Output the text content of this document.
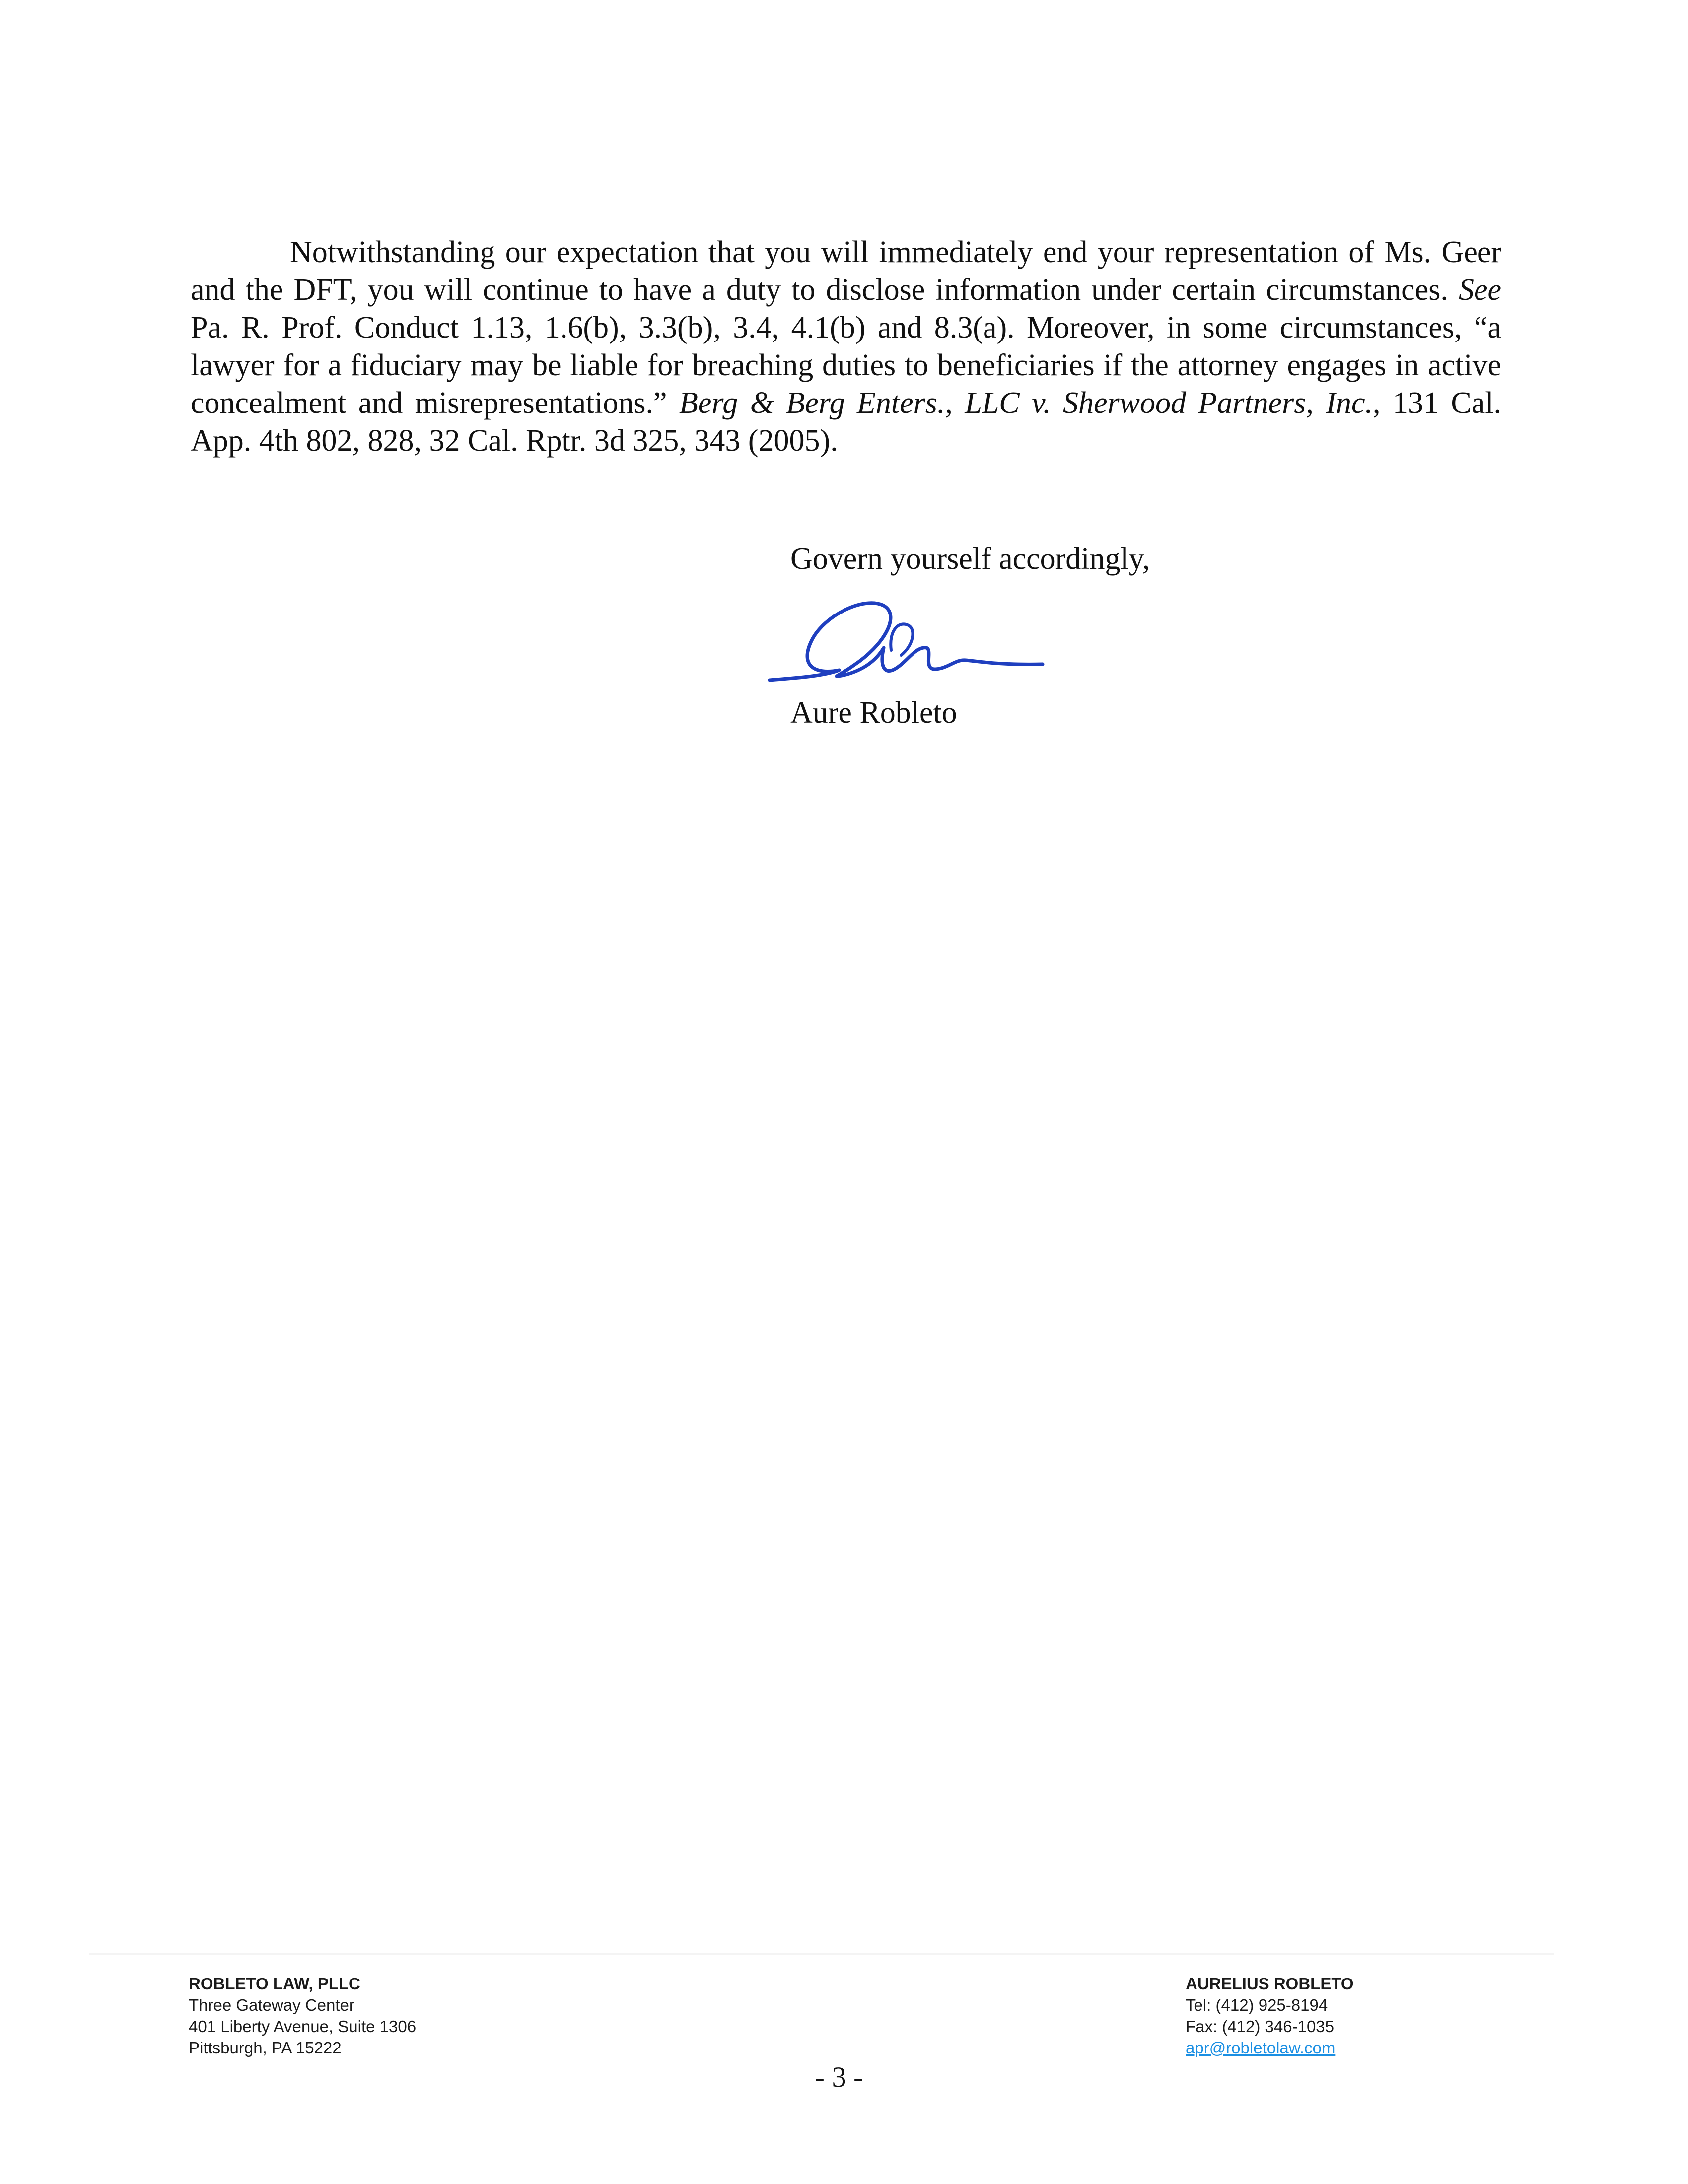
Notwithstanding our expectation that you will immediately end your representation of Ms. Geer and the DFT, you will continue to have a duty to disclose information under certain circumstances. See Pa. R. Prof. Conduct 1.13, 1.6(b), 3.3(b), 3.4, 4.1(b) and 8.3(a). Moreover, in some circumstances, “a lawyer for a fiduciary may be liable for breaching duties to beneficiaries if the attorney engages in active concealment and misrepresentations.” Berg & Berg Enters., LLC v. Sherwood Partners, Inc., 131 Cal. App. 4th 802, 828, 32 Cal. Rptr. 3d 325, 343 (2005).

Govern yourself accordingly,

Aure Robleto

ROBLETO LAW, PLLC
Three Gateway Center
401 Liberty Avenue, Suite 1306
Pittsburgh, PA 15222
AURELIUS ROBLETO
Tel: (412) 925-8194
Fax: (412) 346-1035
apr@robletolaw.com
- 3 -
